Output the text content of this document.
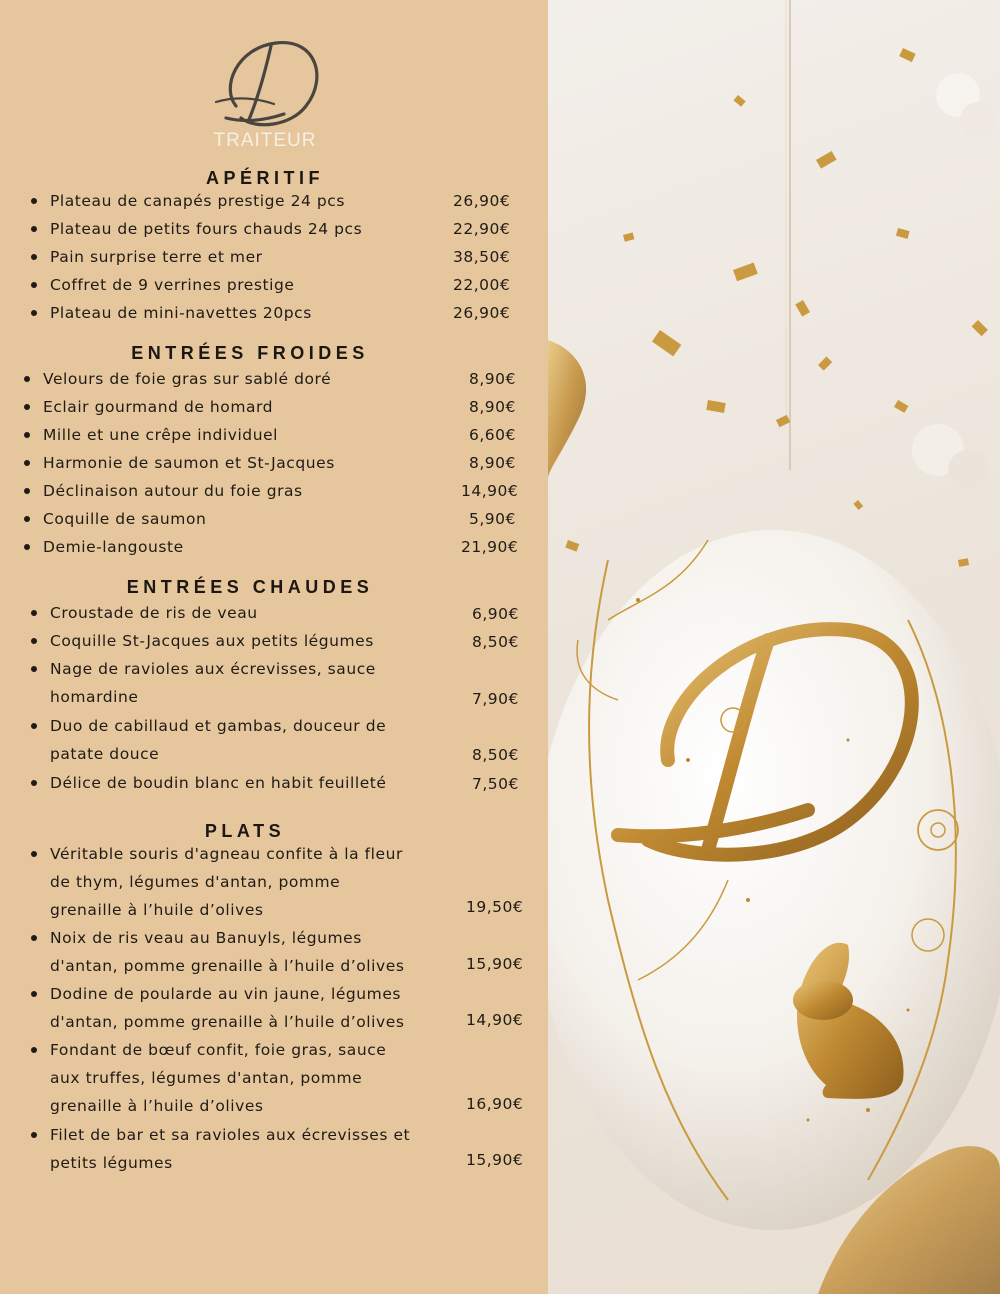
TRAITEUR
APÉRITIF
Plateau de canapés prestige 24 pcs	26,90€
Plateau de petits fours chauds 24 pcs	22,90€
Pain surprise terre et mer	38,50€
Coffret de 9 verrines prestige	22,00€
Plateau de mini-navettes 20pcs	26,90€
ENTRÉES FROIDES
Velours de foie gras sur sablé doré	8,90€
Eclair gourmand de homard	8,90€
Mille et une crêpe individuel	6,60€
Harmonie de saumon et St-Jacques	8,90€
Déclinaison autour du foie gras	14,90€
Coquille de saumon	5,90€
Demie-langouste	21,90€
ENTRÉES CHAUDES
Croustade de ris de veau	6,90€
Coquille St-Jacques aux petits légumes	8,50€
Nage de ravioles aux écrevisses, sauce
homardine	7,90€
Duo de cabillaud et gambas, douceur de
patate douce	8,50€
Délice de boudin blanc en habit feuilleté	7,50€
PLATS
Véritable souris d'agneau confite à la fleur
de thym, légumes d'antan, pomme
grenaille à l’huile d’olives	19,50€
Noix de ris veau au Banuyls, légumes
d'antan, pomme grenaille à l’huile d’olives	15,90€
Dodine de poularde au vin jaune, légumes
d'antan, pomme grenaille à l’huile d’olives	14,90€
Fondant de bœuf confit, foie gras, sauce
aux truffes, légumes d'antan, pomme
grenaille à l’huile d’olives	16,90€
Filet de bar et sa ravioles aux écrevisses et
petits légumes	15,90€
